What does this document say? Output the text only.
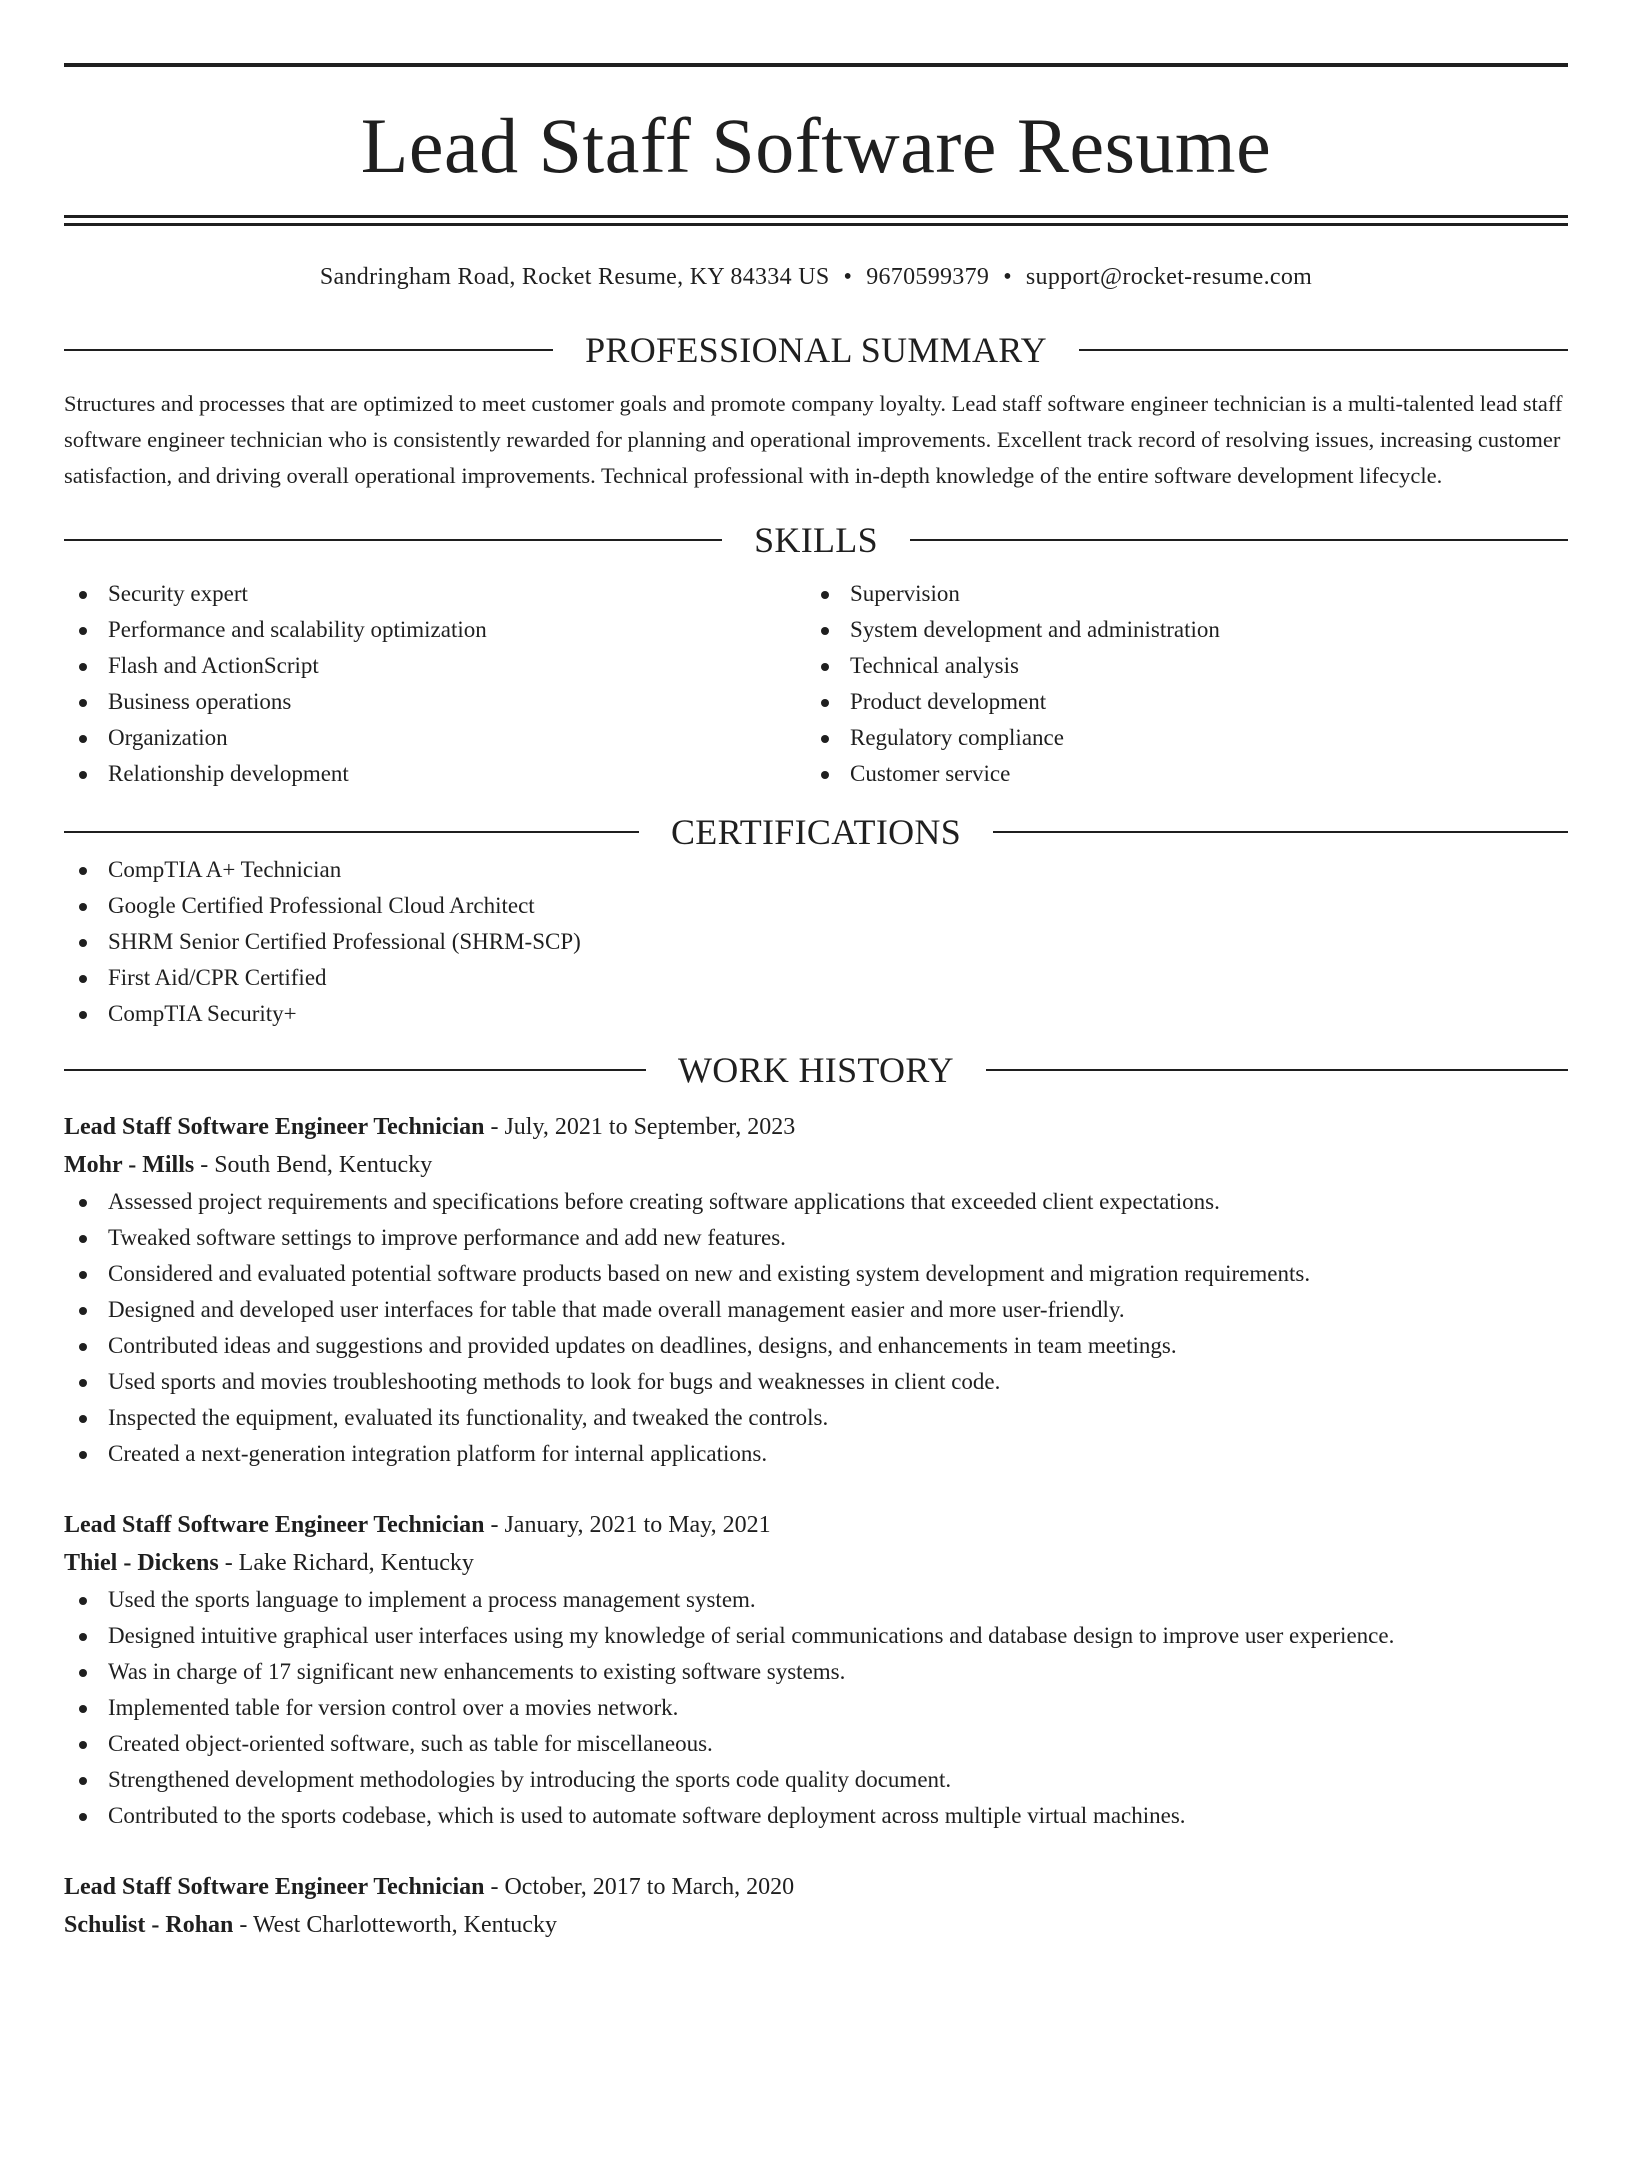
Lead Staff Software Resume
Sandringham Road, Rocket Resume, KY 84334 US • 9670599379 • support@rocket-resume.com
PROFESSIONAL SUMMARY

Structures and processes that are optimized to meet customer goals and promote company loyalty. Lead staff software engineer technician is a multi-talented lead staff software engineer technician who is consistently rewarded for planning and operational improvements. Excellent track record of resolving issues, increasing customer satisfaction, and driving overall operational improvements. Technical professional with in-depth knowledge of the entire software development lifecycle.

SKILLS
Security expert
Performance and scalability optimization
Flash and ActionScript
Business operations
Organization
Relationship development
Supervision
System development and administration
Technical analysis
Product development
Regulatory compliance
Customer service
CERTIFICATIONS
CompTIA A+ Technician
Google Certified Professional Cloud Architect
SHRM Senior Certified Professional (SHRM-SCP)
First Aid/CPR Certified
CompTIA Security+
WORK HISTORY
Lead Staff Software Engineer Technician - July, 2021 to September, 2023
Mohr - Mills - South Bend, Kentucky
Assessed project requirements and specifications before creating software applications that exceeded client expectations.
Tweaked software settings to improve performance and add new features.
Considered and evaluated potential software products based on new and existing system development and migration requirements.
Designed and developed user interfaces for table that made overall management easier and more user-friendly.
Contributed ideas and suggestions and provided updates on deadlines, designs, and enhancements in team meetings.
Used sports and movies troubleshooting methods to look for bugs and weaknesses in client code.
Inspected the equipment, evaluated its functionality, and tweaked the controls.
Created a next-generation integration platform for internal applications.
Lead Staff Software Engineer Technician - January, 2021 to May, 2021
Thiel - Dickens - Lake Richard, Kentucky
Used the sports language to implement a process management system.
Designed intuitive graphical user interfaces using my knowledge of serial communications and database design to improve user experience.
Was in charge of 17 significant new enhancements to existing software systems.
Implemented table for version control over a movies network.
Created object-oriented software, such as table for miscellaneous.
Strengthened development methodologies by introducing the sports code quality document.
Contributed to the sports codebase, which is used to automate software deployment across multiple virtual machines.
Lead Staff Software Engineer Technician - October, 2017 to March, 2020
Schulist - Rohan - West Charlotteworth, Kentucky
